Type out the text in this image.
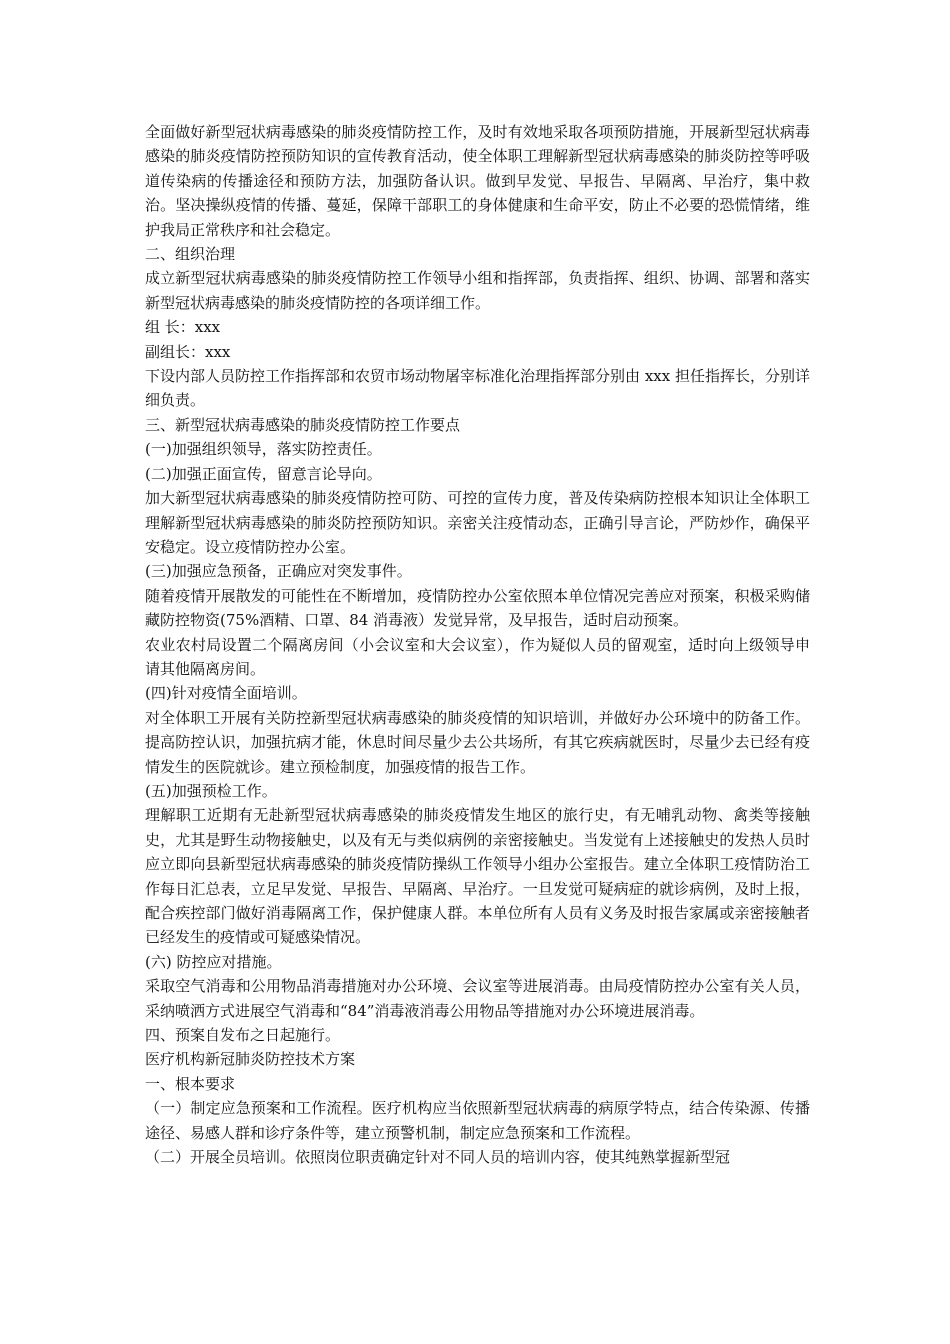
全面做好新型冠状病毒感染的肺炎疫情防控工作，及时有效地采取各项预防措施，开展新型冠状病毒感染的肺炎疫情防控预防知识的宣传教育活动，使全体职工理解新型冠状病毒感染的肺炎防控等呼吸道传染病的传播途径和预防方法，加强防备认识。做到早发觉、早报告、早隔离、早治疗，集中救治。坚决操纵疫情的传播、蔓延，保障干部职工的身体健康和生命平安，防止不必要的恐慌情绪，维护我局正常秩序和社会稳定。

二、组织治理

成立新型冠状病毒感染的肺炎疫情防控工作领导小组和指挥部，负责指挥、组织、协调、部署和落实新型冠状病毒感染的肺炎疫情防控的各项详细工作。

组 长：xxx

副组长：xxx

下设内部人员防控工作指挥部和农贸市场动物屠宰标准化治理指挥部分别由 xxx 担任指挥长，分别详细负责。

三、新型冠状病毒感染的肺炎疫情防控工作要点

(一)加强组织领导，落实防控责任。

(二)加强正面宣传，留意言论导向。

加大新型冠状病毒感染的肺炎疫情防控可防、可控的宣传力度，普及传染病防控根本知识让全体职工理解新型冠状病毒感染的肺炎防控预防知识。亲密关注疫情动态，正确引导言论，严防炒作，确保平安稳定。设立疫情防控办公室。

(三)加强应急预备，正确应对突发事件。

随着疫情开展散发的可能性在不断增加，疫情防控办公室依照本单位情况完善应对预案，积极采购储藏防控物资(75%酒精、口罩、84 消毒液）发觉异常，及早报告，适时启动预案。

农业农村局设置二个隔离房间（小会议室和大会议室），作为疑似人员的留观室，适时向上级领导申请其他隔离房间。

(四)针对疫情全面培训。

对全体职工开展有关防控新型冠状病毒感染的肺炎疫情的知识培训，并做好办公环境中的防备工作。提高防控认识，加强抗病才能，休息时间尽量少去公共场所，有其它疾病就医时，尽量少去已经有疫情发生的医院就诊。建立预检制度，加强疫情的报告工作。

(五)加强预检工作。

理解职工近期有无赴新型冠状病毒感染的肺炎疫情发生地区的旅行史，有无哺乳动物、禽类等接触史，尤其是野生动物接触史，以及有无与类似病例的亲密接触史。当发觉有上述接触史的发热人员时应立即向县新型冠状病毒感染的肺炎疫情防操纵工作领导小组办公室报告。建立全体职工疫情防治工作每日汇总表，立足早发觉、早报告、早隔离、早治疗。一旦发觉可疑病症的就诊病例，及时上报，配合疾控部门做好消毒隔离工作，保护健康人群。本单位所有人员有义务及时报告家属或亲密接触者已经发生的疫情或可疑感染情况。

(六) 防控应对措施。

采取空气消毒和公用物品消毒措施对办公环境、会议室等进展消毒。由局疫情防控办公室有关人员，采纳喷洒方式进展空气消毒和“84”消毒液消毒公用物品等措施对办公环境进展消毒。

四、预案自发布之日起施行。

医疗机构新冠肺炎防控技术方案

一、根本要求

（一）制定应急预案和工作流程。医疗机构应当依照新型冠状病毒的病原学特点，结合传染源、传播途径、易感人群和诊疗条件等，建立预警机制，制定应急预案和工作流程。

（二）开展全员培训。依照岗位职责确定针对不同人员的培训内容，使其纯熟掌握新型冠
